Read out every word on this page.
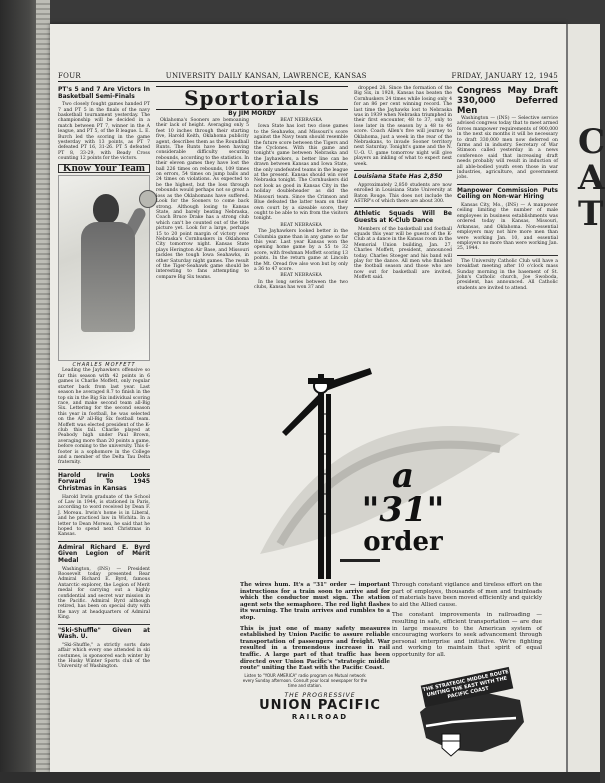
FOUR	UNIVERSITY DAILY KANSAN, LAWRENCE, KANSAS	FRIDAY, JANUARY 12, 1945
PT's 5 and 7 Are Victors In Basketball Semi-Finals

Two closely fought games handed PT 7 and PT 5 in the finals of the navy basketball tournament yesterday. The championship will be decided in a match between PT 7, winner in the A league, and PT 5, of the B league. L. E. Burch led the scoring in the game yesterday with 13 points, as PT 7 defeated PT 16, 31-26. PT 5 defeated PT 8, 33-29, with Beady Cross counting 12 points for the victors.

Know Your Team
CHARLES MOFFETT

Leading the Jayhawkers offensive so far this season with 42 points in 6 games is Charlie Moffett, only regular starter back from last year. Last season he averaged 8.7 to finish in the top six in the Big Six individual scoring race, and make second team all-Big Six. Lettering for the second season this year in football, he was selected on the AP all-Big Six football team. Moffett was elected president of the K-club this fall. Charlie played at Peabody high under Paul Brown, averaging more than 20 points a game, before coming to the university. This 6-footer is a sophomore in the College and a member of the Delta Tau Delta fraternity.

Harold Irwin Looks Forward To 1945 Christmas in Kansas

Harold Irwin graduate of the School of Law in 1944, is stationed in Paris, according to word received by Dean F. J. Moreau. Irwin's home is in Liberal, and he practiced law in Wichita. In a letter to Dean Moreau, he said that he hoped to spend next Christmas in Kansas.

Admiral Richard E. Byrd Given Legion of Merit Medal

Washington, (INS) — President Roosevelt today presented Rear Admiral Richard E. Byrd, famous Antarctic explorer, the Legion of Merit medal for carrying out a highly confidential and secret war mission in the Pacific. Admiral Byrd although retired, has been on special duty with the navy at headquarters of Admiral King.

"Ski-Shuffle" Given at Wash. U.

"Ski-Shuffle," a strictly sorts date affair which every one attended in ski costumes, is sponsored each winter by the Husky Winter Sports club of the University of Washington.

Sportorials
By JIM MORDY

Oklahoma's Sooners are bemoaning their lack of height. Averaging only 5 feet 10 inches through their starting five, Harold Keith, Oklahoma publicity agent, describes them as the Roundball Runts. The Runts have been having considerable difficulty securing rebounds, according to the statistics. In their eleven games they have lost the ball 226 times on rebounds, 109 times on errors, 54 times on jump balls and 24 times on violations. As expected to be the highest, but the loss through rebounds would perhaps not so great a loss as the Oklahomans have suffered. Look for the Sooners to come back strong. Although losing to Kansas State, and barely beating Nebraska, Coach Bruce Drake has a strong club which can't be counted out of the title picture yet. Look for a large, perhaps 15 to 20 point margin of victory over Nebraska's Cornhuskers in Oklahoma City tomorrow night. Kansas State plays Herington Air Base, and Missouri tackles the tough Iowa Seahawks, in other Saturday night games. The result of the Tiger-Seahawk game should be interesting to fans attempting to compare Big Six teams.

BEAT NEBRASKA

Iowa State has lost two close games to the Seahawks, and Missouri's score against the Navy team should resemble the future score between the Tigers and the Cyclones. With this game and tonight's game between Nebraska and the Jayhawkers, a better line can be drawn between Kansas and Iowa State, the only undefeated teams in the league at the present. Kansas should win over Nebraska tonight. The Cornhuskers did not look as good in Kansas City in the holiday doubleheader as did the Missouri team. Since the Crimson and Blue defeated the latter team on their own court by a sizeable score, they ought to be able to win from the visitors tonight.

BEAT NEBRASKA

The Jayhawkers looked better in the Columbia game than in any game so far this year. Last year Kansas won the opening home game by a 55 to 32 score, with freshman Moffett scoring 13 points. In the return game at Lincoln the Mt. Oread five also won but by only a 36 to 47 score.

BEAT NEBRASKA

In the long series between the two clubs, Kansas has won 37 and

dropped 28. Since the formation of the Big Six, in 1928, Kansas has beaten the Cornhuskers 24 times while losing only 4 for an 86 per cent winning record. The last time the Jayhawks lost to Nebraska was in 1939 when Nebraska triumphed in their first encounter, 48 to 37, only to lose later in the season by a 48 to 46 score. Coach Allen's five will journey to Oklahoma, just a week in the rear of the Nebraskans, to invade Sooner territory next Saturday. Tonight's game and the N. U.-O. U. game tomorrow night will give players an inkling of what to expect next week.

Louisiana State Has 2,850

Approximately 2,850 students are now enrolled in Louisiana State University at Baton Rouge. This does not include the ASTRP's of which there are about 300.

Athletic Squads Will Be Guests at K-Club Dance

Members of the basketball and football squads this year will be guests of the K-Club at a dance in the Kansas room in the Memorial Union building, Jan. 27, Charles Moffett, president, announced today. Charles Stoeger and his band will play for the dance. All men who finished the football season and those who are now out for basketball are invited, Moffett said.

Congress May Draft 330,000 Deferred Men

Washington — (INS) — Selective service advised congress today that to meet armed forces manpower requirements of 900,000 in the next six months it will be necessary to draft 330,000 men now deferred on farms and in industry. Secretary of War Stimson called yesterday in a news conference said that increasing draft needs probably will result in induction of all able-bodied youth even those in war industries, agriculture, and government jobs.

Manpower Commission Puts Ceiling on Non-war Hiring

Kansas City, Mo., (INS) — A manpower ceiling limiting the number of male employees in business establishments was ordered today in Kansas, Missouri, Arkansas, and Oklahoma. Non-essential employers may not hire more men than were working Jan. 10, and essential employers no more than were working Jan. 25, 1944.

The University Catholic Club will have a breakfast meeting after 10 o'clock mass Sunday morning in the basement of St. John's Catholic church, Joe Swoboda, president, has announced. All Catholic students are invited to attend.

a "31"
order

The wires hum. It's a "31" order — important instructions for a train soon to arrive and for which the conductor must sign. The station agent sets the semaphore. The red light flashes its warning. The train arrives and rumbles to a stop.

This is just one of many safety measures established by Union Pacific to assure reliable transportation of passengers and freight. War resulted in a tremendous increase in rail traffic. A large part of that traffic has been directed over Union Pacific's "strategic middle route" uniting the East with the Pacific Coast.

Through constant vigilance and tireless effort on the part of employes, thousands of men and trainloads of materials have been moved efficiently and quickly to aid the Allied cause.

The constant improvements in railroading — resulting in safe, efficient transportation — are due in large measure to the American system of encouraging workers to seek advancement through personal enterprise and initiative. We're fighting and working to maintain that spirit of equal opportunity for all.

Listen to "YOUR AMERICA" radio program on Mutual network every Sunday afternoon. Consult your local newspaper for the time and station.
THE PROGRESSIVE
UNION PACIFIC
RAILROAD
THE STRATEGIC MIDDLE ROUTE UNITING THE EAST WITH THE PACIFIC COAST
C
A
T
